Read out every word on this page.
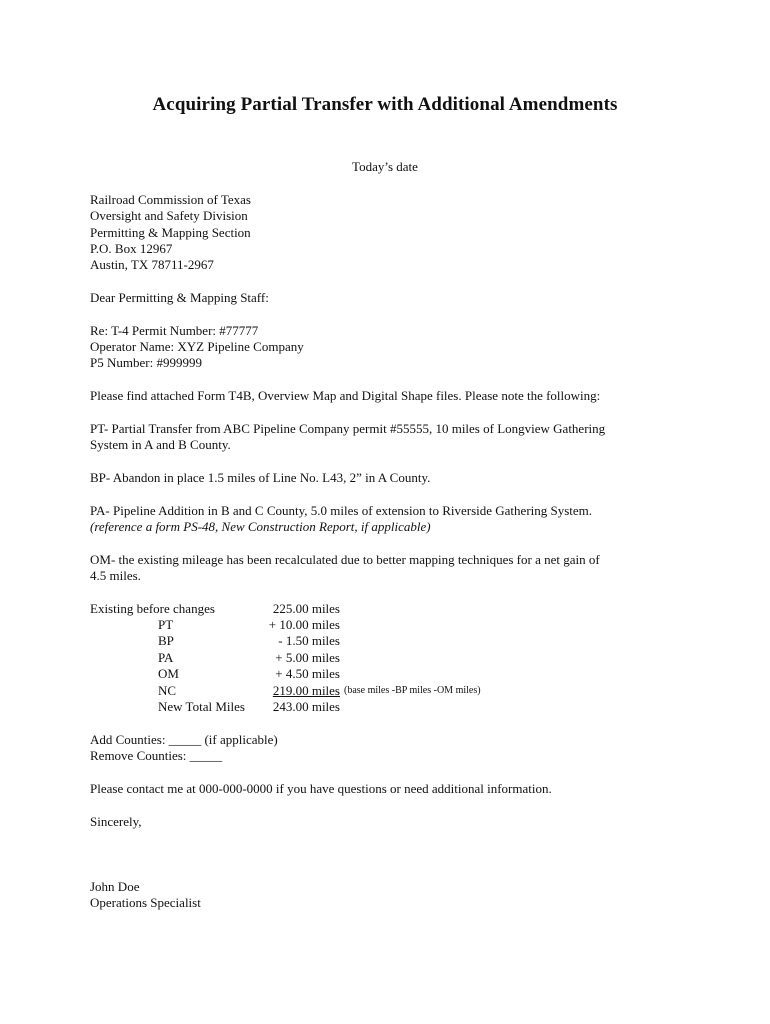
Acquiring Partial Transfer with Additional Amendments
Today’s date
Railroad Commission of Texas
Oversight and Safety Division
Permitting & Mapping Section
P.O. Box 12967
Austin, TX 78711-2967
Dear Permitting & Mapping Staff:
Re: T-4 Permit Number: #77777
Operator Name: XYZ Pipeline Company
P5 Number: #999999
Please find attached Form T4B, Overview Map and Digital Shape files. Please note the following:
PT- Partial Transfer from ABC Pipeline Company permit #55555, 10 miles of Longview Gathering
System in A and B County.
BP- Abandon in place 1.5 miles of Line No. L43, 2” in A County.
PA- Pipeline Addition in B and C County, 5.0 miles of extension to Riverside Gathering System.
(reference a form PS-48, New Construction Report, if applicable)
OM- the existing mileage has been recalculated due to better mapping techniques for a net gain of
4.5 miles.
Existing before changes	225.00 miles
PT	+ 10.00 miles
BP	- 1.50 miles
PA	+ 5.00 miles
OM	+ 4.50 miles
NC	219.00 miles (base miles -BP miles -OM miles)
New Total Miles 243.00 miles
Add Counties: _____ (if applicable)
Remove Counties: _____
Please contact me at 000-000-0000 if you have questions or need additional information.
Sincerely,
John Doe
Operations Specialist
